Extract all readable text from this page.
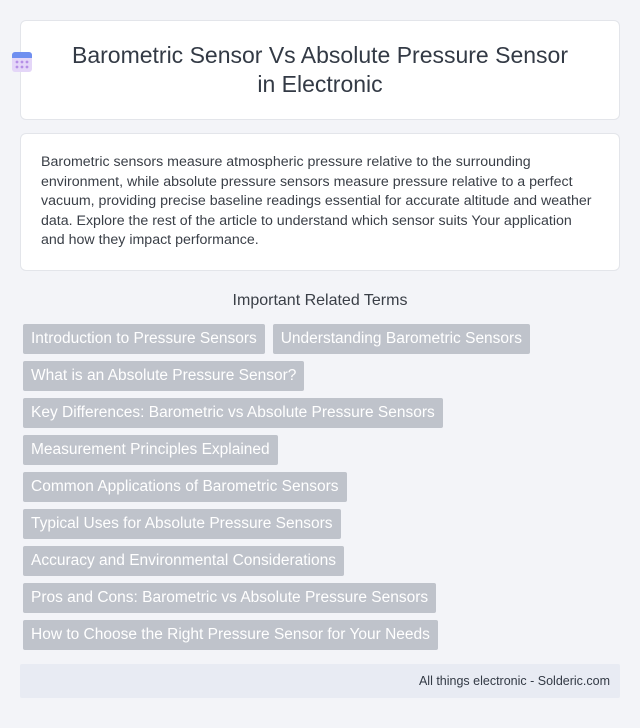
Barometric Sensor Vs Absolute Pressure Sensor in Electronic

Barometric sensors measure atmospheric pressure relative to the surrounding environment, while absolute pressure sensors measure pressure relative to a perfect vacuum, providing precise baseline readings essential for accurate altitude and weather data. Explore the rest of the article to understand which sensor suits Your application and how they impact performance.

Important Related Terms
Introduction to Pressure Sensors	Understanding Barometric Sensors
What is an Absolute Pressure Sensor?
Key Differences: Barometric vs Absolute Pressure Sensors
Measurement Principles Explained
Common Applications of Barometric Sensors
Typical Uses for Absolute Pressure Sensors
Accuracy and Environmental Considerations
Pros and Cons: Barometric vs Absolute Pressure Sensors
How to Choose the Right Pressure Sensor for Your Needs
All things electronic - Solderic.com
